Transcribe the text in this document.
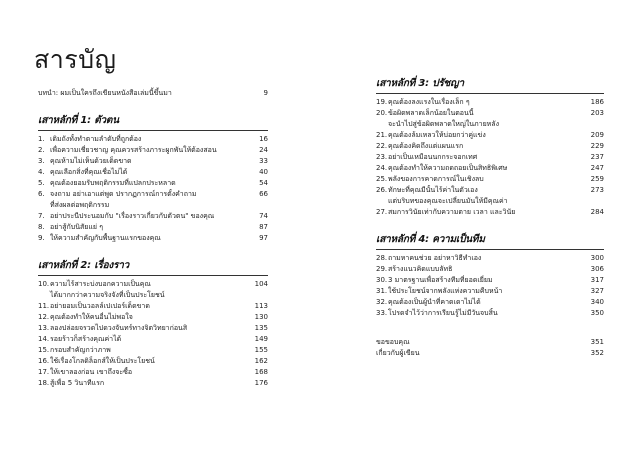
สารบัญ
บทนำ: ผมเป็นใครถึงเขียนหนังสือเล่มนี้ขึ้นมา	9
เสาหลักที่ 1: ตัวตน
1. เติมถังทั้งทำตามลำดับที่ถูกต้อง	16
2. เพื่อความเชี่ยวชาญ คุณควรสร้างภาระผูกพันให้ต้องสอน	24
3. คุณห้ามไม่เห็นด้วยเด็ดขาด	33
4. คุณเลือกสิ่งที่คุณเชื่อไม่ได้	40
5. คุณต้องยอมรับพฤติกรรมที่แปลกประหลาด	54
6. จงถาม อย่าเอาแต่พูด ปรากฏการณ์การตั้งคำถาม	66
ที่ส่งผลต่อพฤติกรรม
7. อย่าประนีประนอมกับ "เรื่องราวเกี่ยวกับตัวตน" ของคุณ	74
8. อย่าสู้กับนิสัยแย่ ๆ	87
9. ให้ความสำคัญกับพื้นฐานแรกของคุณ	97
เสาหลักที่ 2: เรื่องราว
10. ความไร้สาระบ่งบอกความเป็นคุณ	104
ได้มากกว่าความจริงจังที่เป็นประโยชน์
11. อย่ายอมเป็นวอลล์เปเปอร์เด็ดขาด	113
12. คุณต้องทำให้คนอื่นไม่พอใจ	130
13. ลองปล่อยจรวดไปดวงจันทร์ทางจิตวิทยาก่อนสิ	135
14. รอยร้าวก็สร้างคุณค่าได้	149
15. กรอบสำคัญกว่าภาพ	155
16. ใช้เรื่องโกลดิล็อกส์ให้เป็นประโยชน์	162
17. ให้เขาลองก่อน เขาถึงจะซื้อ	168
18. สู้เพื่อ 5 วินาทีแรก	176
เสาหลักที่ 3: ปรัชญา
19. คุณต้องลงแรงในเรื่องเล็ก ๆ	186
20. ข้อผิดพลาดเล็กน้อยในตอนนี้	203
จะนำไปสู่ข้อผิดพลาดใหญ่ในภายหลัง
21. คุณต้องล้มเหลวให้บ่อยกว่าคู่แข่ง	209
22. คุณต้องคิดถึงแต่แผนแรก	229
23. อย่าเป็นเหมือนนกกระจอกเทศ	237
24. คุณต้องทำให้ความถดถอยเป็นสิทธิพิเศษ	247
25. พลังของการคาดการณ์ในเชิงลบ	259
26. ทักษะที่คุณมีนั้นไร้ค่าในตัวเอง	273
แต่บริบทของคุณจะเปลี่ยนมันให้มีคุณค่า
27. สมการวินัยเท่ากับความตาย เวลา และวินัย	284
เสาหลักที่ 4: ความเป็นทีม
28. ถามหาคนช่วย อย่าหาวิธีทำเอง	300
29. สร้างแนวคิดแบบลัทธิ	306
30. 3 มาตรฐานเพื่อสร้างทีมที่ยอดเยี่ยม	317
31. ใช้ประโยชน์จากพลังแห่งความคืบหน้า	327
32. คุณต้องเป็นผู้นำที่คาดเดาไม่ได้	340
33. โปรดจำไว้ว่าการเรียนรู้ไม่มีวันจบสิ้น	350
ขอขอบคุณ	351
เกี่ยวกับผู้เขียน	352
